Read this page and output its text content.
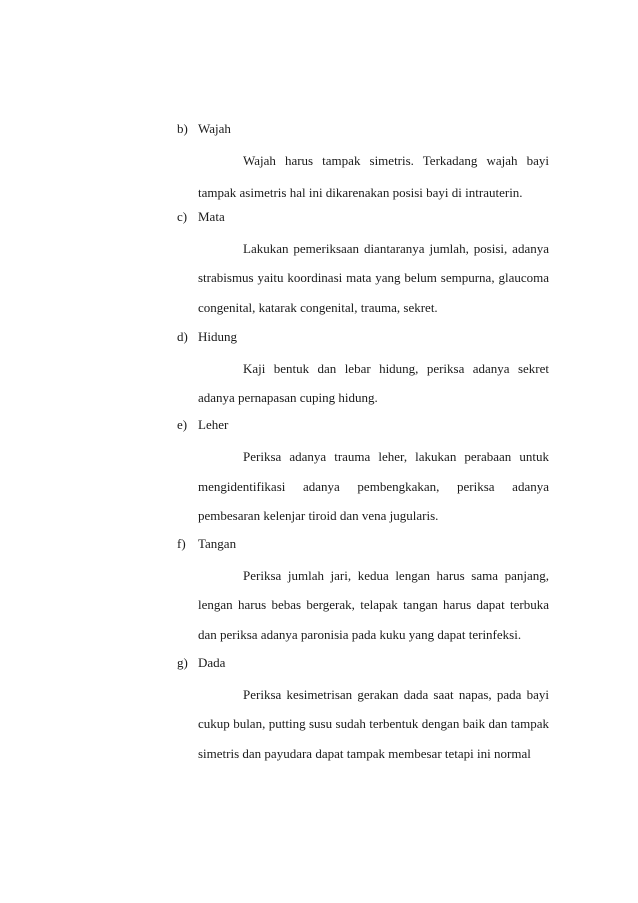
b) Wajah
Wajah harus tampak simetris. Terkadang wajah bayi
tampak asimetris hal ini dikarenakan posisi bayi di intrauterin.
c) Mata
Lakukan pemeriksaan diantaranya jumlah, posisi, adanya
strabismus yaitu koordinasi mata yang belum sempurna, glaucoma
congenital, katarak congenital, trauma, sekret.
d) Hidung
Kaji bentuk dan lebar hidung, periksa adanya sekret
adanya pernapasan cuping hidung.
e) Leher
Periksa adanya trauma leher, lakukan perabaan untuk
mengidentifikasi adanya pembengkakan, periksa adanya
pembesaran kelenjar tiroid dan vena jugularis.
f) Tangan
Periksa jumlah jari, kedua lengan harus sama panjang,
lengan harus bebas bergerak, telapak tangan harus dapat terbuka
dan periksa adanya paronisia pada kuku yang dapat terinfeksi.
g) Dada
Periksa kesimetrisan gerakan dada saat napas, pada bayi
cukup bulan, putting susu sudah terbentuk dengan baik dan tampak
simetris dan payudara dapat tampak membesar tetapi ini normal
